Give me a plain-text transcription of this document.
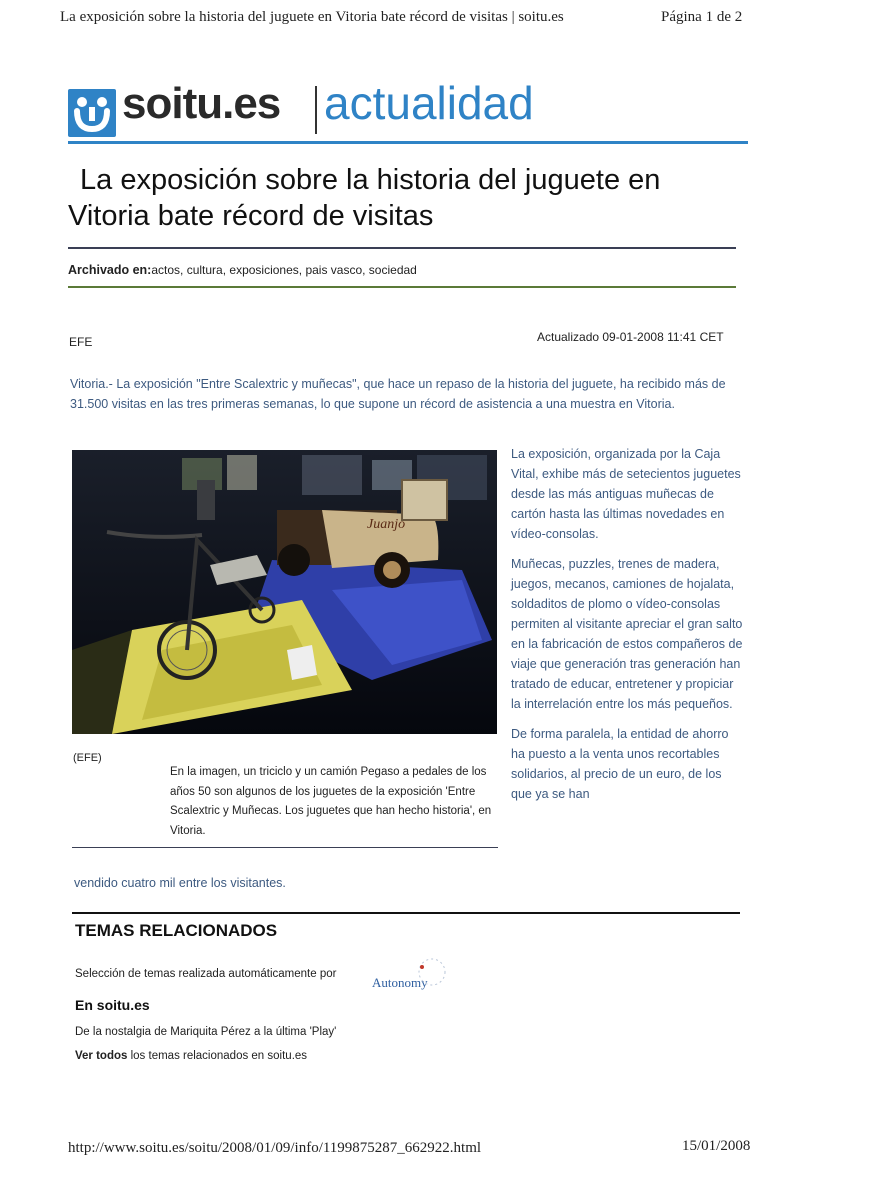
La exposición sobre la historia del juguete en Vitoria bate récord de visitas | soitu.es	Página 1 de 2
soitu.es actualidad
La exposición sobre la historia del juguete en Vitoria bate récord de visitas
Archivado en:actos, cultura, exposiciones, pais vasco, sociedad
EFE	Actualizado 09-01-2008 11:41 CET
Vitoria.- La exposición "Entre Scalextric y muñecas", que hace un repaso de la historia del juguete, ha recibido más de 31.500 visitas en las tres primeras semanas, lo que supone un récord de asistencia a una muestra en Vitoria.
Juanjo
(EFE)
En la imagen, un triciclo y un camión Pegaso a pedales de los años 50 son algunos de los juguetes de la exposición 'Entre Scalextric y Muñecas. Los juguetes que han hecho historia', en Vitoria.

La exposición, organizada por la Caja Vital, exhibe más de setecientos juguetes desde las más antiguas muñecas de cartón hasta las últimas novedades en vídeo-consolas.

Muñecas, puzzles, trenes de madera, juegos, mecanos, camiones de hojalata, soldaditos de plomo o vídeo-consolas permiten al visitante apreciar el gran salto en la fabricación de estos compañeros de viaje que generación tras generación han tratado de educar, entretener y propiciar la interrelación entre los más pequeños.

De forma paralela, la entidad de ahorro ha puesto a la venta unos recortables solidarios, al precio de un euro, de los que ya se han

vendido cuatro mil entre los visitantes.
TEMAS RELACIONADOS
Selección de temas realizada automáticamente por
Autonomy
En soitu.es
De la nostalgia de Mariquita Pérez a la última 'Play'
Ver todos los temas relacionados en soitu.es
http://www.soitu.es/soitu/2008/01/09/info/1199875287_662922.html	15/01/2008
